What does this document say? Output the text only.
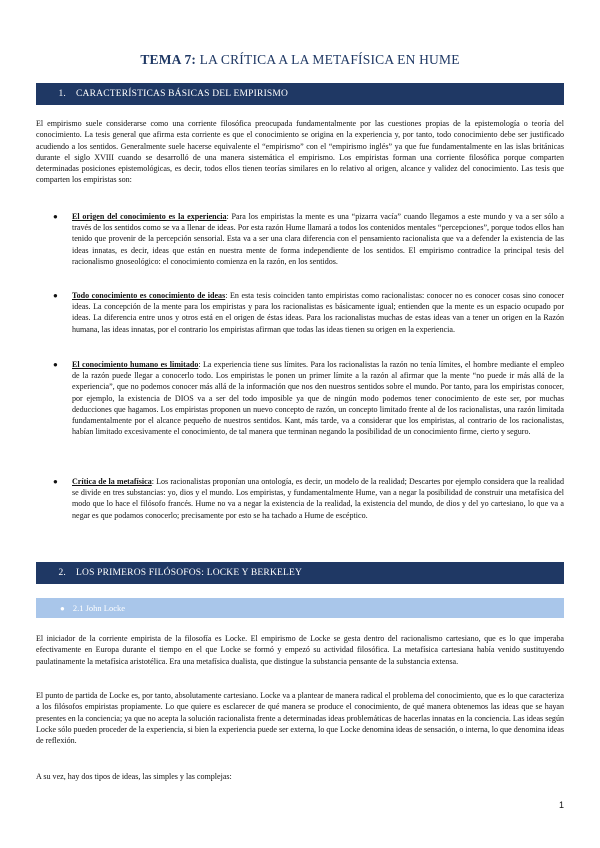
TEMA 7: LA CRÍTICA A LA METAFÍSICA EN HUME
1. CARACTERÍSTICAS BÁSICAS DEL EMPIRISMO

El empirismo suele considerarse como una corriente filosófica preocupada fundamentalmente por las cuestiones propias de la epistemología o teoría del conocimiento. La tesis general que afirma esta corriente es que el conocimiento se origina en la experiencia y, por tanto, todo conocimiento debe ser justificado acudiendo a los sentidos. Generalmente suele hacerse equivalente el “empirismo” con el “empirismo inglés” ya que fue fundamentalmente en las islas británicas durante el siglo XVIII cuando se desarrolló de una manera sistemática el empirismo. Los empiristas forman una corriente filosófica porque comparten determinadas posiciones epistemológicas, es decir, todos ellos tienen teorías similares en lo relativo al origen, alcance y validez del conocimiento. Las tesis que comparten los empiristas son:

● El origen del conocimiento es la experiencia: Para los empiristas la mente es una “pizarra vacía” cuando llegamos a este mundo y va a ser sólo a través de los sentidos como se va a llenar de ideas. Por esta razón Hume llamará a todos los contenidos mentales “percepciones”, porque todos ellos han tenido que provenir de la percepción sensorial. Esta va a ser una clara diferencia con el pensamiento racionalista que va a defender la existencia de las ideas innatas, es decir, ideas que están en nuestra mente de forma independiente de los sentidos. El empirismo contradice la principal tesis del racionalismo gnoseológico: el conocimiento comienza en la razón, en los sentidos.

● Todo conocimiento es conocimiento de ideas: En esta tesis coinciden tanto empiristas como racionalistas: conocer no es conocer cosas sino conocer ideas. La concepción de la mente para los empiristas y para los racionalistas es básicamente igual; entienden que la mente es un espacio ocupado por ideas. La diferencia entre unos y otros está en el origen de éstas ideas. Para los racionalistas muchas de estas ideas van a tener un origen en la Razón humana, las ideas innatas, por el contrario los empiristas afirman que todas las ideas tienen su origen en la experiencia.

● El conocimiento humano es limitado: La experiencia tiene sus límites. Para los racionalistas la razón no tenía límites, el hombre mediante el empleo de la razón puede llegar a conocerlo todo. Los empiristas le ponen un primer límite a la razón al afirmar que la mente “no puede ir más allá de la experiencia”, que no podemos conocer más allá de la información que nos den nuestros sentidos sobre el mundo. Por tanto, para los empiristas conocer, por ejemplo, la existencia de DIOS va a ser del todo imposible ya que de ningún modo podemos tener conocimiento de este ser, por muchas deducciones que hagamos. Los empiristas proponen un nuevo concepto de razón, un concepto limitado frente al de los racionalistas, una razón limitada fundamentalmente por el alcance pequeño de nuestros sentidos. Kant, más tarde, va a considerar que los empiristas, al contrario de los racionalistas, habían limitado excesivamente el conocimiento, de tal manera que terminan negando la posibilidad de un conocimiento firme, cierto y seguro.

● Crítica de la metafísica: Los racionalistas proponían una ontología, es decir, un modelo de la realidad; Descartes por ejemplo considera que la realidad se divide en tres substancias: yo, dios y el mundo. Los empiristas, y fundamentalmente Hume, van a negar la posibilidad de construir una metafísica del modo que lo hace el filósofo francés. Hume no va a negar la existencia de la realidad, la existencia del mundo, de dios y del yo cartesiano, lo que va a negar es que podamos conocerlo; precisamente por esto se ha tachado a Hume de escéptico.

2. LOS PRIMEROS FILÓSOFOS: LOCKE Y BERKELEY
● 2.1 John Locke

El iniciador de la corriente empirista de la filosofía es Locke. El empirismo de Locke se gesta dentro del racionalismo cartesiano, que es lo que imperaba efectivamente en Europa durante el tiempo en el que Locke se formó y empezó su actividad filosófica. La metafísica cartesiana había venido sustituyendo paulatinamente la metafísica aristotélica. Era una metafísica dualista, que distingue la substancia pensante de la substancia extensa.

El punto de partida de Locke es, por tanto, absolutamente cartesiano. Locke va a plantear de manera radical el problema del conocimiento, que es lo que caracteriza a los filósofos empiristas propiamente. Lo que quiere es esclarecer de qué manera se produce el conocimiento, de qué manera obtenemos las ideas que se hayan presentes en la conciencia; ya que no acepta la solución racionalista frente a determinadas ideas problemáticas de hacerlas innatas en la conciencia. Las ideas según Locke sólo pueden proceder de la experiencia, si bien la experiencia puede ser externa, lo que Locke denomina ideas de sensación, o interna, lo que denomina ideas de reflexión.

A su vez, hay dos tipos de ideas, las simples y las complejas:

1
